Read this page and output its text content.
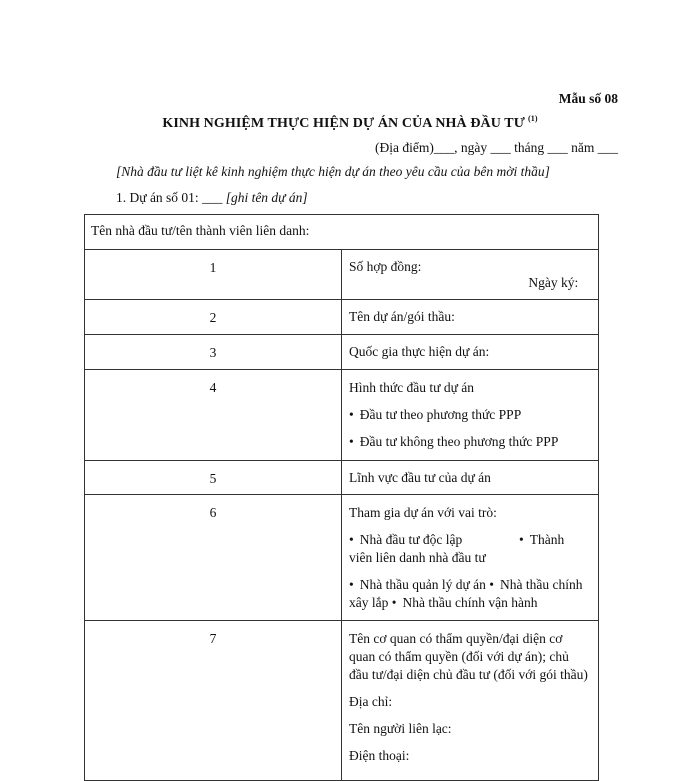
Mẫu số 08
KINH NGHIỆM THỰC HIỆN DỰ ÁN CỦA NHÀ ĐẦU TƯ $^{(1)}$
(Địa điểm)___, ngày ___ tháng ___ năm ___
[Nhà đầu tư liệt kê kinh nghiệm thực hiện dự án theo yêu cầu của bên mời thầu]
1. Dự án số 01: ___ [ghi tên dự án]
Tên nhà đầu tư/tên thành viên liên danh:	
1	Số hợp đồng:  Ngày ký:
2	Tên dự án/gói thầu:
3	Quốc gia thực hiện dự án:
4	Hình thức đầu tư dự án
• Đầu tư theo phương thức PPP
• Đầu tư không theo phương thức PPP

5	Lĩnh vực đầu tư của dự án
6	Tham gia dự án với vai trò:
• Nhà đầu tư độc lập • Thành viên liên danh nhà đầu tư
• Nhà thầu quản lý dự án • Nhà thầu chính xây lắp • Nhà thầu chính vận hành

7	Tên cơ quan có thẩm quyền/đại diện cơ quan có thẩm quyền (đối với dự án); chủ
đầu tư/đại diện chủ đầu tư (đối với gói thầu)
Địa chỉ:
Tên người liên lạc:
Điện thoại:
